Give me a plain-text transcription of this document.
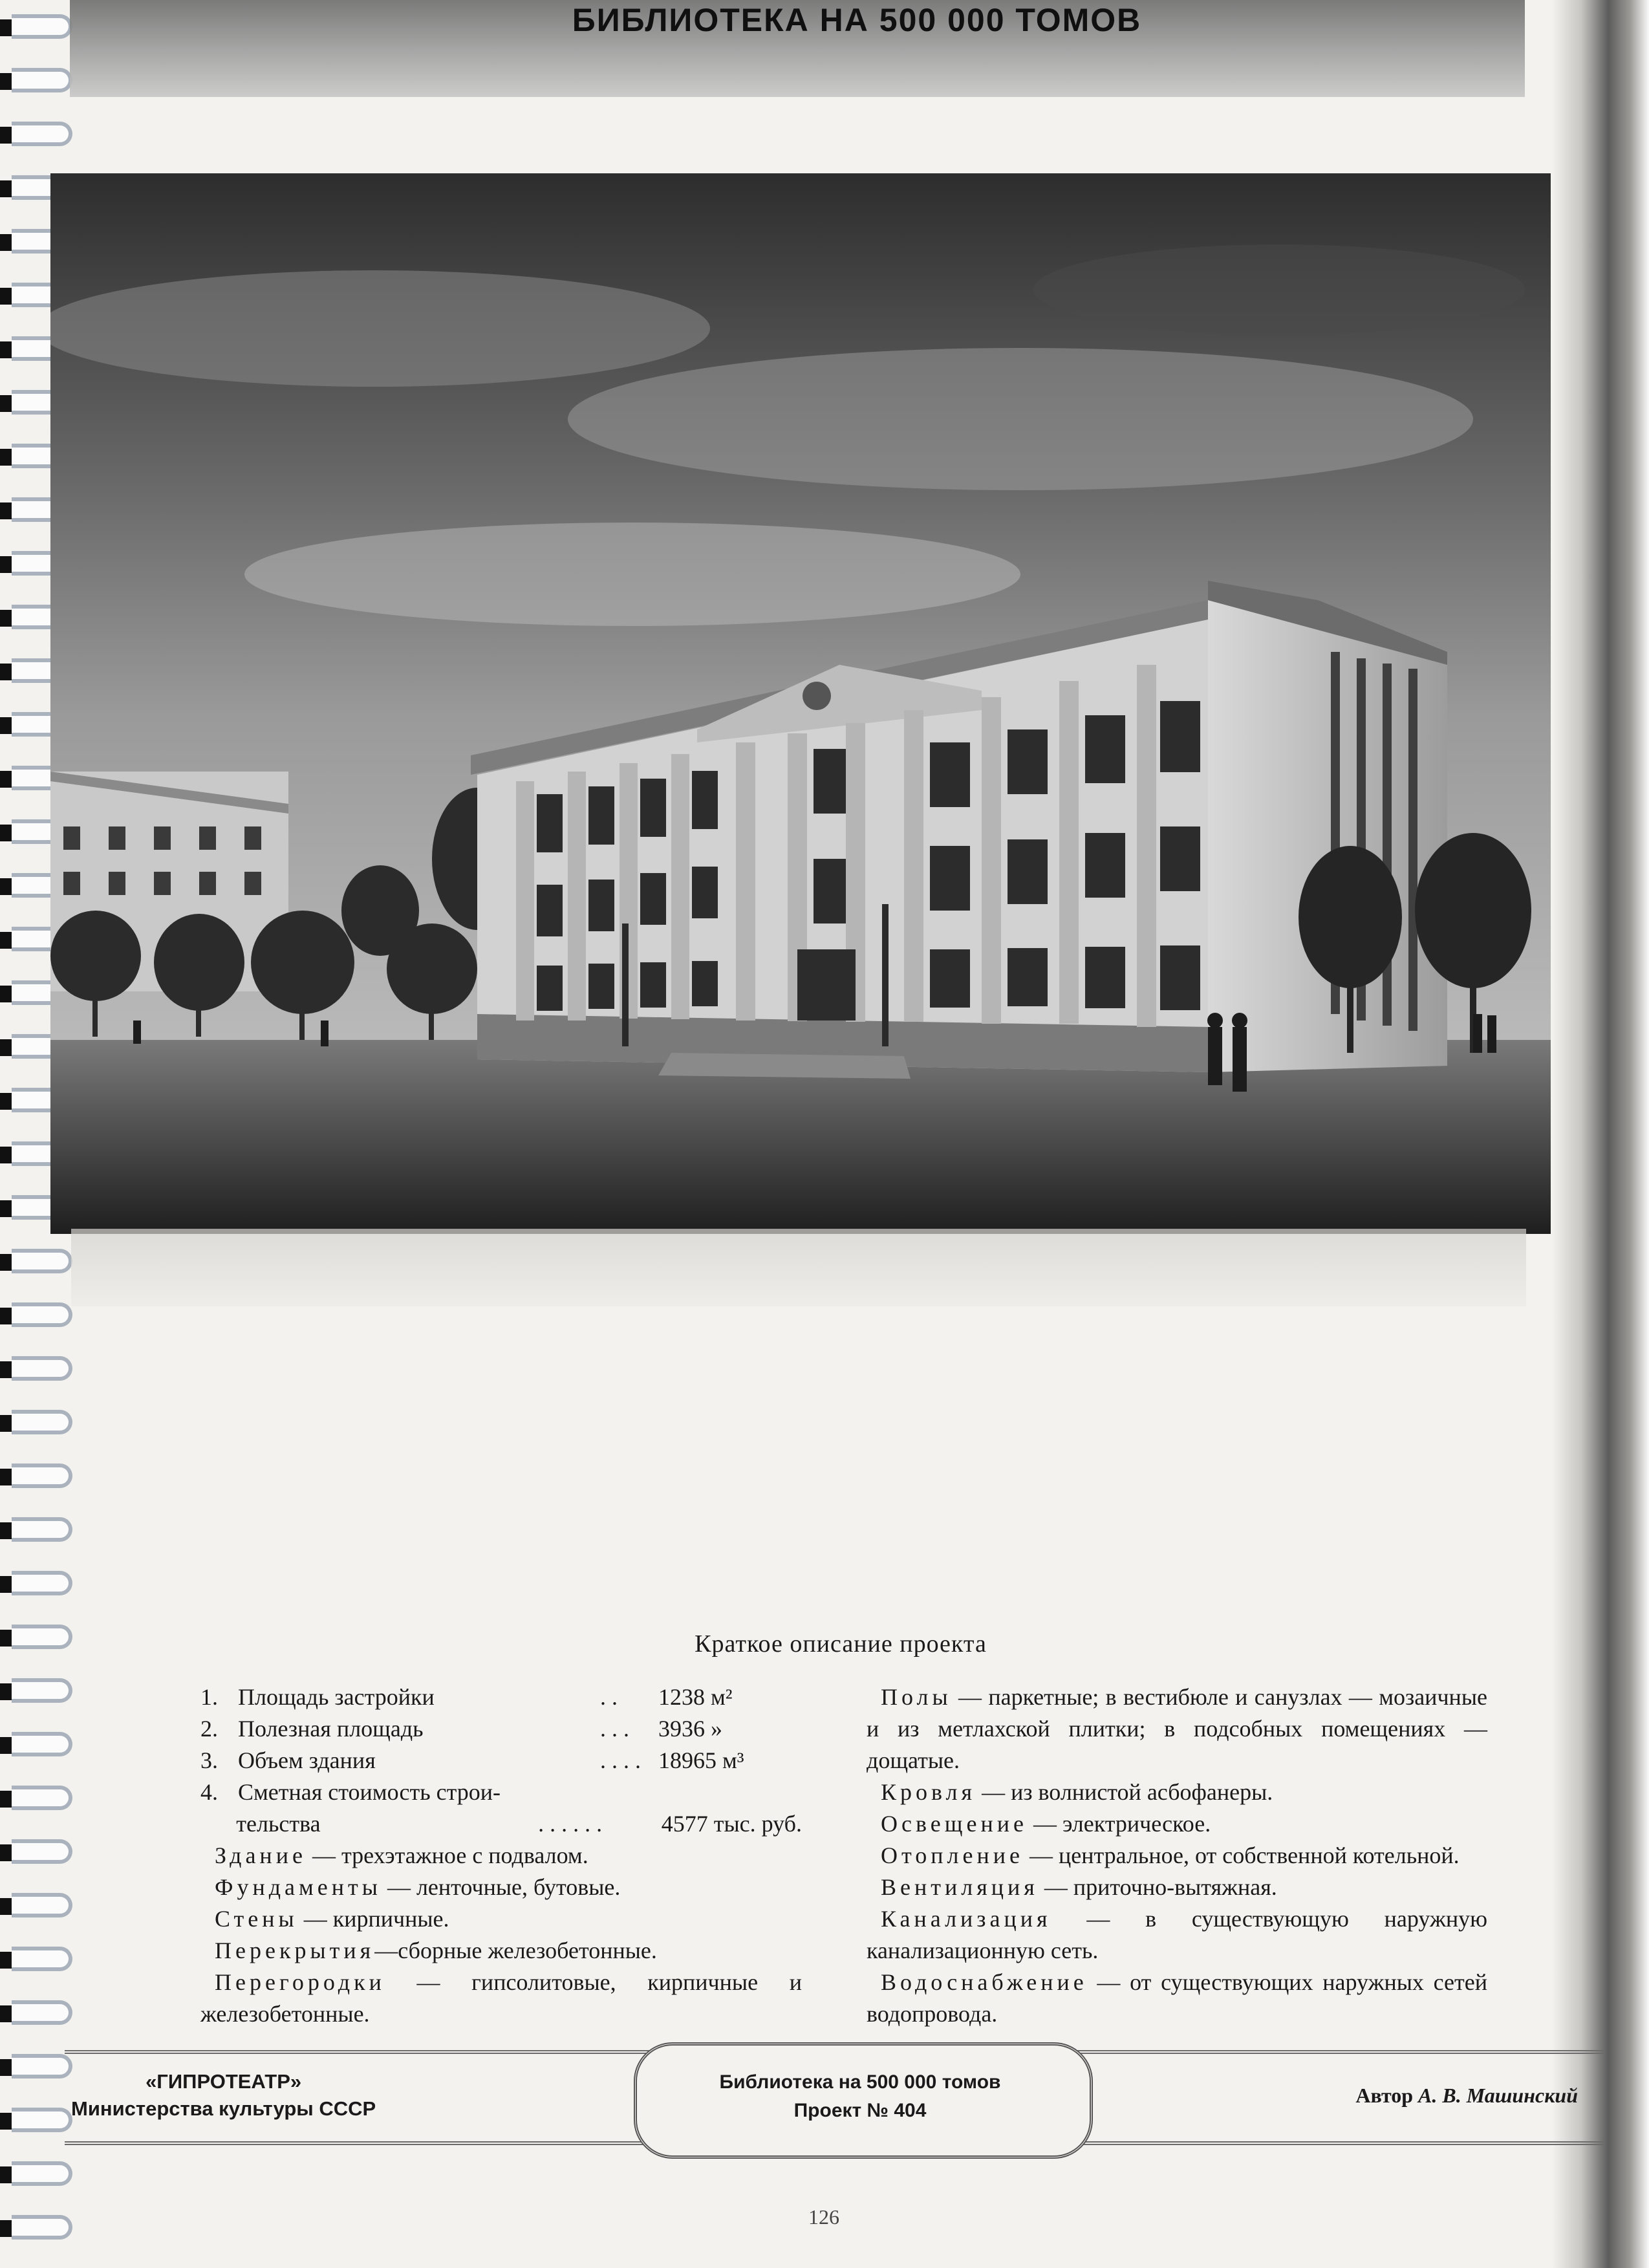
БИБЛИОТЕКА НА 500 000 ТОМОВ
Краткое описание проекта
1. Площадь застройки	. .	1238 м²
2. Полезная площадь	. . .	3936 »
3. Объем здания	. . . . 18965 м³
4. Сметная стоимость строи-
тельства	. . . . . .	4577 тыс. руб.
Здание — трехэтажное с подвалом.
Фундаменты — ленточные, бутовые.
Стены — кирпичные.
Перекрытия—сборные железобетонные.
Перегородки — гипсолитовые, кирпичные и железобетонные.
Полы — паркетные; в вестибюле и санузлах — мозаичные и из метлахской плитки; в подсобных помещениях — дощатые.
Кровля — из волнистой асбофанеры.
Освещение — электрическое.
Отопление — центральное, от собственной котельной.
Вентиляция — приточно-вытяжная.
Канализация — в существующую наружную канализационную сеть.
Водоснабжение — от существующих наружных сетей водопровода.
«ГИПРОТЕАТР»
Министерства культуры СССР
Библиотека на 500 000 томов
Проект № 404
Автор А. В. Машинский
126
